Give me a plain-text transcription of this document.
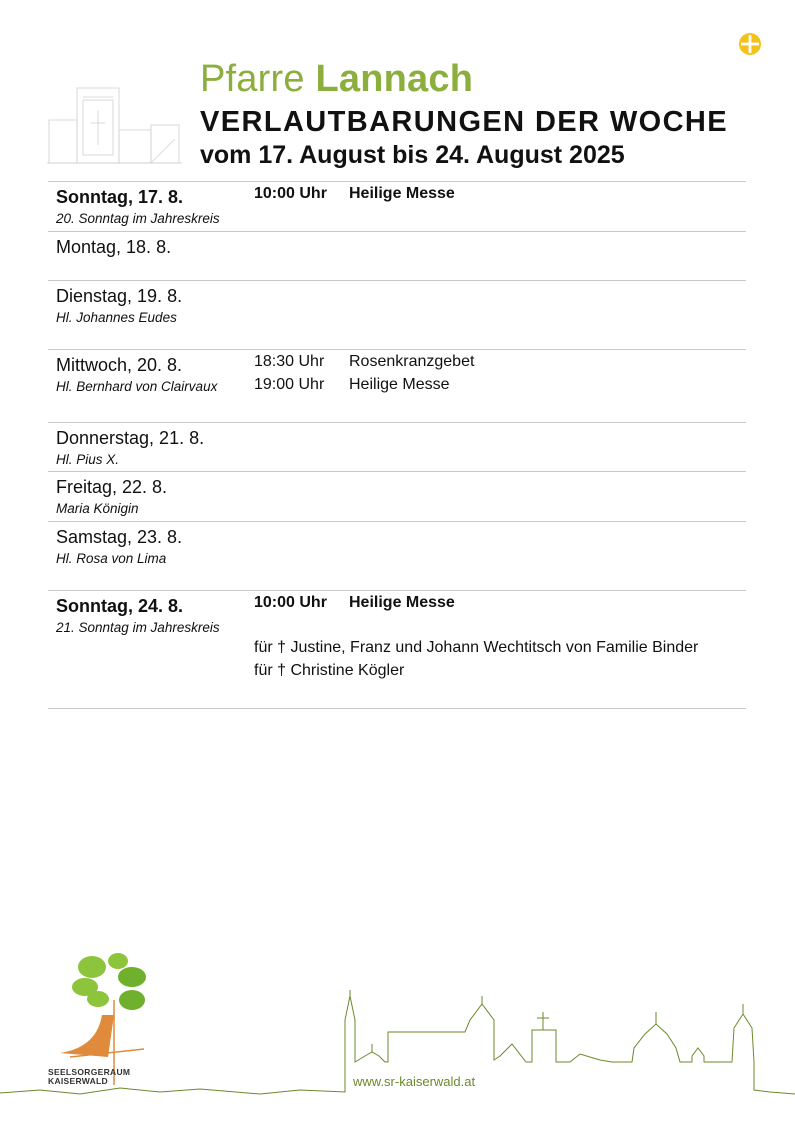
Pfarre Lannach
VERLAUTBARUNGEN DER WOCHE
vom 17. August bis 24. August 2025
Sonntag, 17. 8.
20. Sonntag im Jahreskreis
10:00 Uhr Heilige Messe
Montag, 18. 8.
Dienstag, 19. 8.
Hl. Johannes Eudes
Mittwoch, 20. 8.
Hl. Bernhard von Clairvaux
18:30 Uhr Rosenkranzgebet
19:00 Uhr Heilige Messe
Donnerstag, 21. 8.
Hl. Pius X.
Freitag, 22. 8.
Maria Königin
Samstag, 23. 8.
Hl. Rosa von Lima
Sonntag, 24. 8.
21. Sonntag im Jahreskreis
10:00 Uhr Heilige Messe
für † Justine, Franz und Johann Wechtitsch von Familie Binder
für † Christine Kögler
SEELSORGERAUM
KAISERWALD	www.sr-kaiserwald.at
